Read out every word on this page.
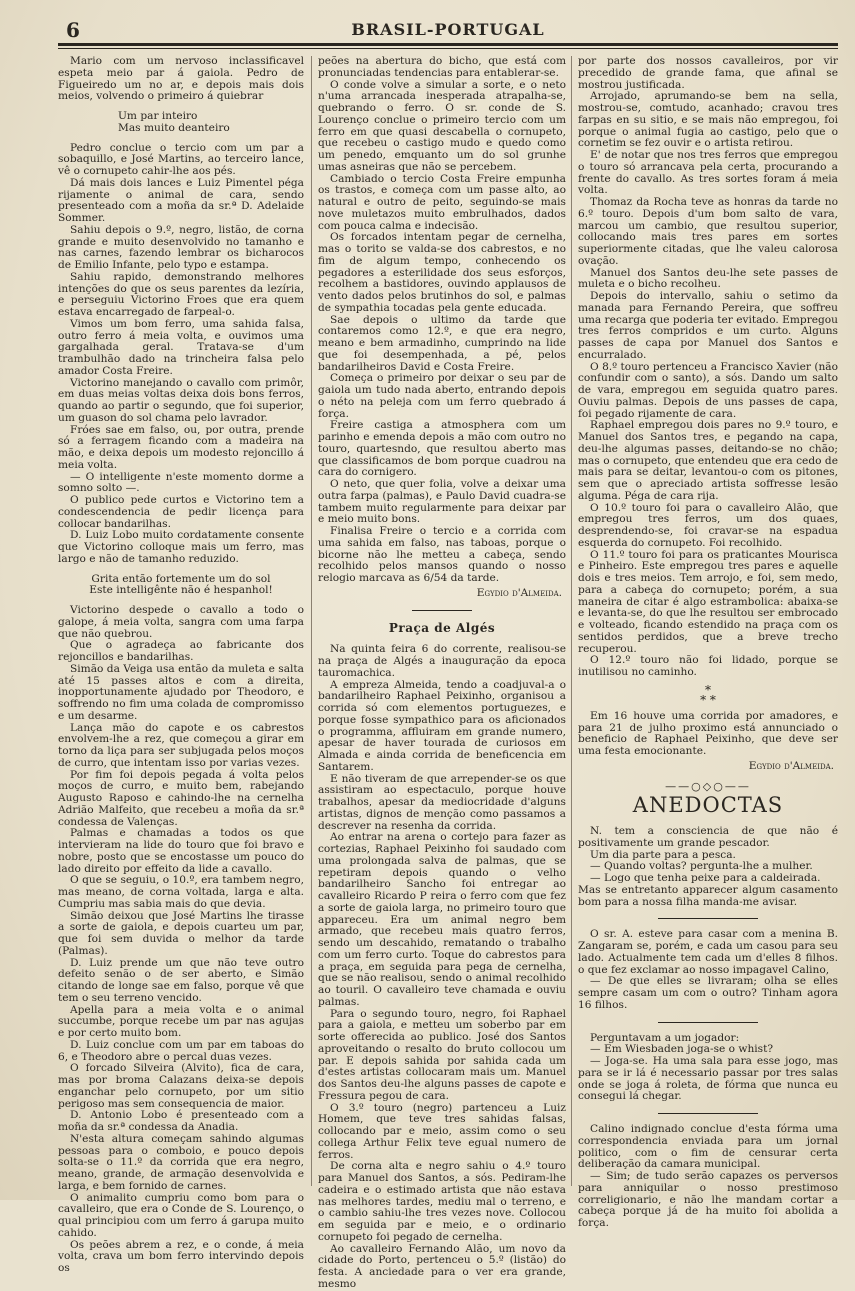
6	BRASIL-PORTUGAL

Mario com um nervoso inclassificavel espeta meio par á gaiola. Pedro de Figueiredo um no ar, e depois mais dois meios, volvendo o primeiro á quiebrar

Um par inteiro

Mas muito deanteiro

Pedro conclue o tercio com um par a sobaquillo, e José Martins, ao terceiro lance, vê o cornupeto cahir-lhe aos pés.

Dá mais dois lances e Luiz Pimentel péga rijamente o animal de cara, sendo presenteado com a moña da sr.ª D. Adelaide Sommer.

Sahiu depois o 9.º, negro, listão, de corna grande e muito desenvolvido no tamanho e nas carnes, fazendo lembrar os bicharocos de Emilio Infante, pelo typo e estampa.

Sahiu rapido, demonstrando melhores intenções do que os seus parentes da lezíria, e perseguiu Victorino Froes que era quem estava encarregado de farpeal-o.

Vimos um bom ferro, uma sahida falsa, outro ferro á meia volta, e ouvimos uma gargalhada geral. Tratava-se d'um trambulhão dado na trincheira falsa pelo amador Costa Freire.

Victorino manejando o cavallo com primôr, em duas meias voltas deixa dois bons ferros, quando ao partir o segundo, que foi superior, um guason do sol chama pelo lavrador.

Fróes sae em falso, ou, por outra, prende só a ferragem ficando com a madeira na mão, e deixa depois um modesto rejoncillo á meia volta.

— O intelligente n'este momento dorme a somno solto —.

O publico pede curtos e Victorino tem a condescendencia de pedir licença para collocar bandarilhas.

D. Luiz Lobo muito cordatamente consente que Victorino colloque mais um ferro, mas largo e não de tamanho reduzido.

Grita então fortemente um do sol

Este intelligênte não é hespanhol!

Victorino despede o cavallo a todo o galope, á meia volta, sangra com uma farpa que não quebrou.

Que o agradeça ao fabricante dos rejoncillos e bandarilhas.

Simão da Veiga usa então da muleta e salta até 15 passes altos e com a direita, inopportunamente ajudado por Theodoro, e soffrendo no fim uma colada de compromisso e um desarme.

Lança mão do capote e os cabrestos envolvem-lhe a rez, que começou a girar em torno da liça para ser subjugada pelos moços de curro, que intentam isso por varias vezes.

Por fim foi depois pegada á volta pelos moços de curro, e muito bem, rabejando Augusto Raposo e cahindo-lhe na cernelha Adrião Malfeito, que recebeu a moña da sr.ª condessa de Valenças.

Palmas e chamadas a todos os que intervieram na lide do touro que foi bravo e nobre, posto que se encostasse um pouco do lado direito por effeito da lide a cavallo.

O que se seguiu, o 10.º, era tambem negro, mas meano, de corna voltada, larga e alta. Cumpriu mas sabia mais do que devia.

Simão deixou que José Martins lhe tirasse a sorte de gaiola, e depois cuarteu um par, que foi sem duvida o melhor da tarde (Palmas).

D. Luiz prende um que não teve outro defeito senão o de ser aberto, e Simão citando de longe sae em falso, porque vê que tem o seu terreno vencido.

Apella para a meia volta e o animal succumbe, porque recebe um par nas agujas e por certo muito bom.

D. Luiz conclue com um par em taboas do 6, e Theodoro abre o percal duas vezes.

O forcado Silveira (Alvito), fica de cara, mas por broma Calazans deixa-se depois enganchar pelo cornupeto, por um sitio perigoso mas sem consequencia de maior.

D. Antonio Lobo é presenteado com a moña da sr.ª condessa da Anadia.

N'esta altura começam sahindo algumas pessoas para o comboio, e pouco depois solta-se o 11.º da corrida que era negro, meano, grande, de armação desenvolvida e larga, e bem fornido de carnes.

O animalito cumpriu como bom para o cavalleiro, que era o Conde de S. Lourenço, o qual principiou com um ferro á garupa muito cahido.

Os peões abrem a rez, e o conde, á meia volta, crava um bom ferro intervindo depois os

peões na abertura do bicho, que está com pronunciadas tendencias para entablerar-se.

O conde volve a simular a sorte, e o neto n'uma arrancada inesperada atrapalha-se, quebrando o ferro. O sr. conde de S. Lourenço conclue o primeiro tercio com um ferro em que quasi descabella o cornupeto, que recebeu o castigo mudo e quedo como um penedo, emquanto um do sol grunhe umas asneiras que não se percebem.

Cambiado o tercio Costa Freire empunha os trastos, e começa com um passe alto, ao natural e outro de peito, seguindo-se mais nove muletazos muito embrulhados, dados com pouca calma e indecisão.

Os forcados intentam pegar de cernelha, mas o torito se valda-se dos cabrestos, e no fim de algum tempo, conhecendo os pegadores a esterilidade dos seus esforços, recolhem a bastidores, ouvindo applausos de vento dados pelos brutinhos do sol, e palmas de sympathia tocadas pela gente educada.

Sae depois o ultimo da tarde que contaremos como 12.º, e que era negro, meano e bem armadinho, cumprindo na lide que foi desempenhada, a pé, pelos bandarilheiros David e Costa Freire.

Começa o primeiro por deixar o seu par de gaiola um tudo nada aberto, entrando depois o néto na peleja com um ferro quebrado á força.

Freire castiga a atmosphera com um parinho e emenda depois a mão com outro no touro, quartesndo, que resultou aberto mas que classificamos de bom porque cuadrou na cara do cornigero.

O neto, que quer folia, volve a deixar uma outra farpa (palmas), e Paulo David cuadra-se tambem muito regularmente para deixar par e meio muito bons.

Finalisa Freire o tercio e a corrida com uma sahida em falso, nas taboas, porque o bicorne não lhe metteu a cabeça, sendo recolhido pelos mansos quando o nosso relogio marcava as 6/54 da tarde.

Egydio d'Almeida.

Praça de Algés

Na quinta feira 6 do corrente, realisou-se na praça de Algés a inauguração da epoca tauromachica.

A empreza Almeida, tendo a coadjuval-a o bandarilheiro Raphael Peixinho, organisou a corrida só com elementos portuguezes, e porque fosse sympathico para os aficionados o programma, affluiram em grande numero, apesar de haver tourada de curiosos em Almada e ainda corrida de beneficencia em Santarem.

E não tiveram de que arrepender-se os que assistiram ao espectaculo, porque houve trabalhos, apesar da mediocridade d'alguns artistas, dignos de menção como passamos a descrever na resenha da corrida.

Ao entrar na arena o cortejo para fazer as cortezias, Raphael Peixinho foi saudado com uma prolongada salva de palmas, que se repetiram depois quando o velho bandarilheiro Sancho foi entregar ao cavalleiro Ricardo P reira o ferro com que fez a sorte de gaiola larga, no primeiro touro que appareceu. Era um animal negro bem armado, que recebeu mais quatro ferros, sendo um descahido, rematando o trabalho com um ferro curto. Toque do cabrestos para a praça, em seguida para pega de cernelha, que se não realisou, sendo o animal recolhido ao touril. O cavalleiro teve chamada e ouviu palmas.

Para o segundo touro, negro, foi Raphael para a gaiola, e metteu um soberbo par em sorte offerecida ao publico. José dos Santos aproveitando o resalto do bruto collocou um par. E depois sahida por sahida cada um d'estes artistas collocaram mais um. Manuel dos Santos deu-lhe alguns passes de capote e Fressura pegou de cara.

O 3.º touro (negro) partenceu a Luiz Homem, que teve tres sahidas falsas, collocando par e meio, assim como o seu collega Arthur Felix teve egual numero de ferros.

De corna alta e negro sahiu o 4.º touro para Manuel dos Santos, a sós. Pediram-lhe cadeira e o estimado artista que não estava nas melhores tardes, mediu mal o terreno, e o cambio sahiu-lhe tres vezes nove. Collocou em seguida par e meio, e o ordinario cornupeto foi pegado de cernelha.

Ao cavalleiro Fernando Alão, um novo da cidade do Porto, pertenceu o 5.º (listão) do festa. A anciedade para o ver era grande, mesmo

por parte dos nossos cavalleiros, por vir precedido de grande fama, que afinal se mostrou justificada.

Arrojado, aprumando-se bem na sella, mostrou-se, comtudo, acanhado; cravou tres farpas en su sitio, e se mais não empregou, foi porque o animal fugia ao castigo, pelo que o cornetim se fez ouvir e o artista retirou.

E' de notar que nos tres ferros que empregou o touro só arrancava pela certa, procurando a frente do cavallo. As tres sortes foram á meia volta.

Thomaz da Rocha teve as honras da tarde no 6.º touro. Depois d'um bom salto de vara, marcou um cambio, que resultou superior, collocando mais tres pares em sortes superiormente citadas, que lhe valeu calorosa ovação.

Manuel dos Santos deu-lhe sete passes de muleta e o bicho recolheu.

Depois do intervallo, sahiu o setimo da manada para Fernando Pereira, que soffreu uma recarga que poderia ter evitado. Empregou tres ferros compridos e um curto. Alguns passes de capa por Manuel dos Santos e encurralado.

O 8.º touro pertenceu a Francisco Xavier (não confundir com o santo), a sós. Dando um salto de vara, empregou em seguida quatro pares. Ouviu palmas. Depois de uns passes de capa, foi pegado rijamente de cara.

Raphael empregou dois pares no 9.º touro, e Manuel dos Santos tres, e pegando na capa, deu-lhe algumas passes, deitando-se no chão; mas o cornupeto, que entendeu que era cedo de mais para se deitar, levantou-o com os pitones, sem que o apreciado artista soffresse lesão alguma. Péga de cara rija.

O 10.º touro foi para o cavalleiro Alão, que empregou tres ferros, um dos quaes, desprendendo-se, foi cravar-se na espadua esquerda do cornupeto. Foi recolhido.

O 11.º touro foi para os praticantes Mourisca e Pinheiro. Este empregou tres pares e aquelle dois e tres meios. Tem arrojo, e foi, sem medo, para a cabeça do cornupeto; porém, a sua maneira de citar é algo estrambolica: abaixa-se e levanta-se, do que lhe resultou ser embrocado e volteado, ficando estendido na praça com os sentidos perdidos, que a breve trecho recuperou.

O 12.º touro não foi lidado, porque se inutilisou no caminho.

*
* *

Em 16 houve uma corrida por amadores, e para 21 de julho proximo está annunciado o beneficio de Raphael Peixinho, que deve ser uma festa emocionante.

Egydio d'Almeida.

——○◇○——
ANEDOCTAS

N. tem a consciencia de que não é positivamente um grande pescador.

Um dia parte para a pesca.

— Quando voltas? pergunta-lhe a mulher.

— Logo que tenha peixe para a caldeirada.

Mas se entretanto apparecer algum casamento bom para a nossa filha manda-me avisar.

O sr. A. esteve para casar com a menina B. Zangaram se, porém, e cada um casou para seu lado. Actualmente tem cada um d'elles 8 filhos. o que fez exclamar ao nosso impagavel Calino,

— De que elles se livraram; olha se elles sempre casam um com o outro? Tinham agora 16 filhos.

Perguntavam a um jogador:

— Em Wiesbaden joga-se o whist?

— Joga-se. Ha uma sala para esse jogo, mas para se ir lá é necessario passar por tres salas onde se joga á roleta, de fórma que nunca eu consegui lá chegar.

Calino indignado conclue d'esta fórma uma correspondencia enviada para um jornal politico, com o fim de censurar certa deliberação da camara municipal.

— Sim; de tudo serão capazes os perversos para anniquilar o nosso prestimoso correligionario, e não lhe mandam cortar a cabeça porque já de ha muito foi abolida a força.
